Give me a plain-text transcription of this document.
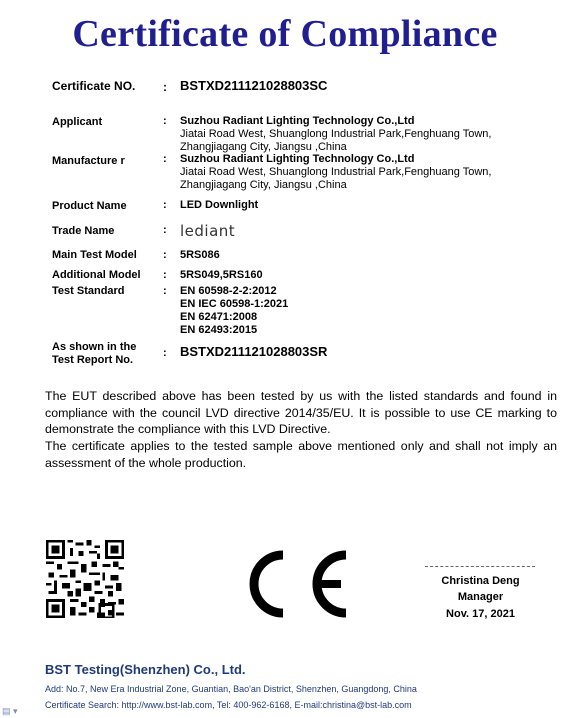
Certificate of Compliance
Certificate NO. : BSTXD211121028803SC
Applicant	: Suzhou Radiant Lighting Technology Co.,Ltd
Jiatai Road West, Shuanglong Industrial Park,Fenghuang Town,
Zhangjiagang City, Jiangsu ,China
Manufacture r	: Suzhou Radiant Lighting Technology Co.,Ltd
Jiatai Road West, Shuanglong Industrial Park,Fenghuang Town,
Zhangjiagang City, Jiangsu ,China
Product Name	: LED Downlight
Trade Name	: lediant
Main Test Model : 5RS086
Additional Model : 5RS049,5RS160
Test Standard	: EN 60598-2-2:2012
EN IEC 60598-1:2021
EN 62471:2008
EN 62493:2015
As shown in the
Test Report No.
: BSTXD211121028803SR
The EUT described above has been tested by us with the listed standards and found in compliance with the council LVD directive 2014/35/EU. It is possible to use CE marking to demonstrate the compliance with this LVD Directive.
The certificate applies to the tested sample above mentioned only and shall not imply an assessment of the whole production.
Christina Deng
Manager
Nov. 17, 2021
BST Testing(Shenzhen) Co., Ltd.
Add: No.7, New Era Industrial Zone, Guantian, Bao'an District, Shenzhen, Guangdong, China
Certificate Search: http://www.bst-lab.com, Tel: 400-962-6168, E-mail:christina@bst-lab.com
▤ ▾
